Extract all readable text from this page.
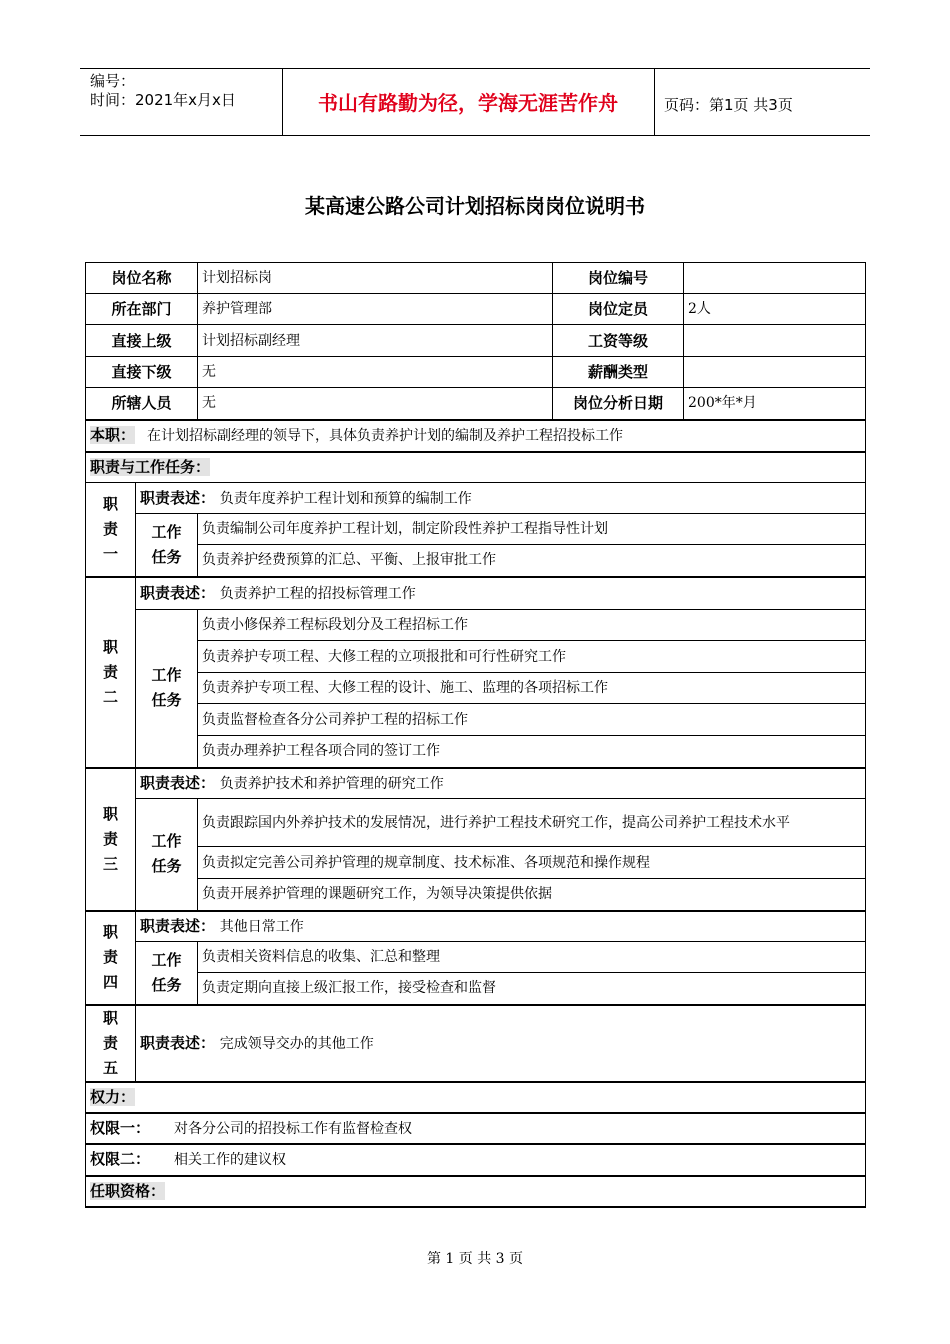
编号：
时间：2021年x月x日	书山有路勤为径，学海无涯苦作舟	页码：第1页 共3页
某高速公路公司计划招标岗岗位说明书
岗位名称		计划招标岗	岗位编号	
所在部门		养护管理部	岗位定员	2人
直接上级		计划招标副经理	工资等级	
直接下级		无	薪酬类型	
所辖人员		无	岗位分析日期	200*年*月
本职： 在计划招标副经理的领导下，具体负责养护计划的编制及养护工程招投标工作				
职责与工作任务：				
职
责
一	职责表述： 负责年度养护工程计划和预算的编制工作			
	工作
任务	负责编制公司年度养护工程计划，制定阶段性养护工程指导性计划		
		负责养护经费预算的汇总、平衡、上报审批工作		
职
责
二	职责表述： 负责养护工程的招投标管理工作			
	工作
任务	负责小修保养工程标段划分及工程招标工作		
		负责养护专项工程、大修工程的立项报批和可行性研究工作		
		负责养护专项工程、大修工程的设计、施工、监理的各项招标工作		
		负责监督检查各分公司养护工程的招标工作		
		负责办理养护工程各项合同的签订工作		
职
责
三	职责表述： 负责养护技术和养护管理的研究工作			
	工作
任务	负责跟踪国内外养护技术的发展情况，进行养护工程技术研究工作，提高公司养护工程技术水平		
		负责拟定完善公司养护管理的规章制度、技术标准、各项规范和操作规程		
		负责开展养护管理的课题研究工作，为领导决策提供依据		
职
责
四	职责表述： 其他日常工作			
	工作
任务	负责相关资料信息的收集、汇总和整理		
		负责定期向直接上级汇报工作，接受检查和监督		
职
责
五	职责表述： 完成领导交办的其他工作			
权力：				
权限一： 对各分公司的招投标工作有监督检查权				
权限二： 相关工作的建议权				
任职资格：				
第 1 页 共 3 页
